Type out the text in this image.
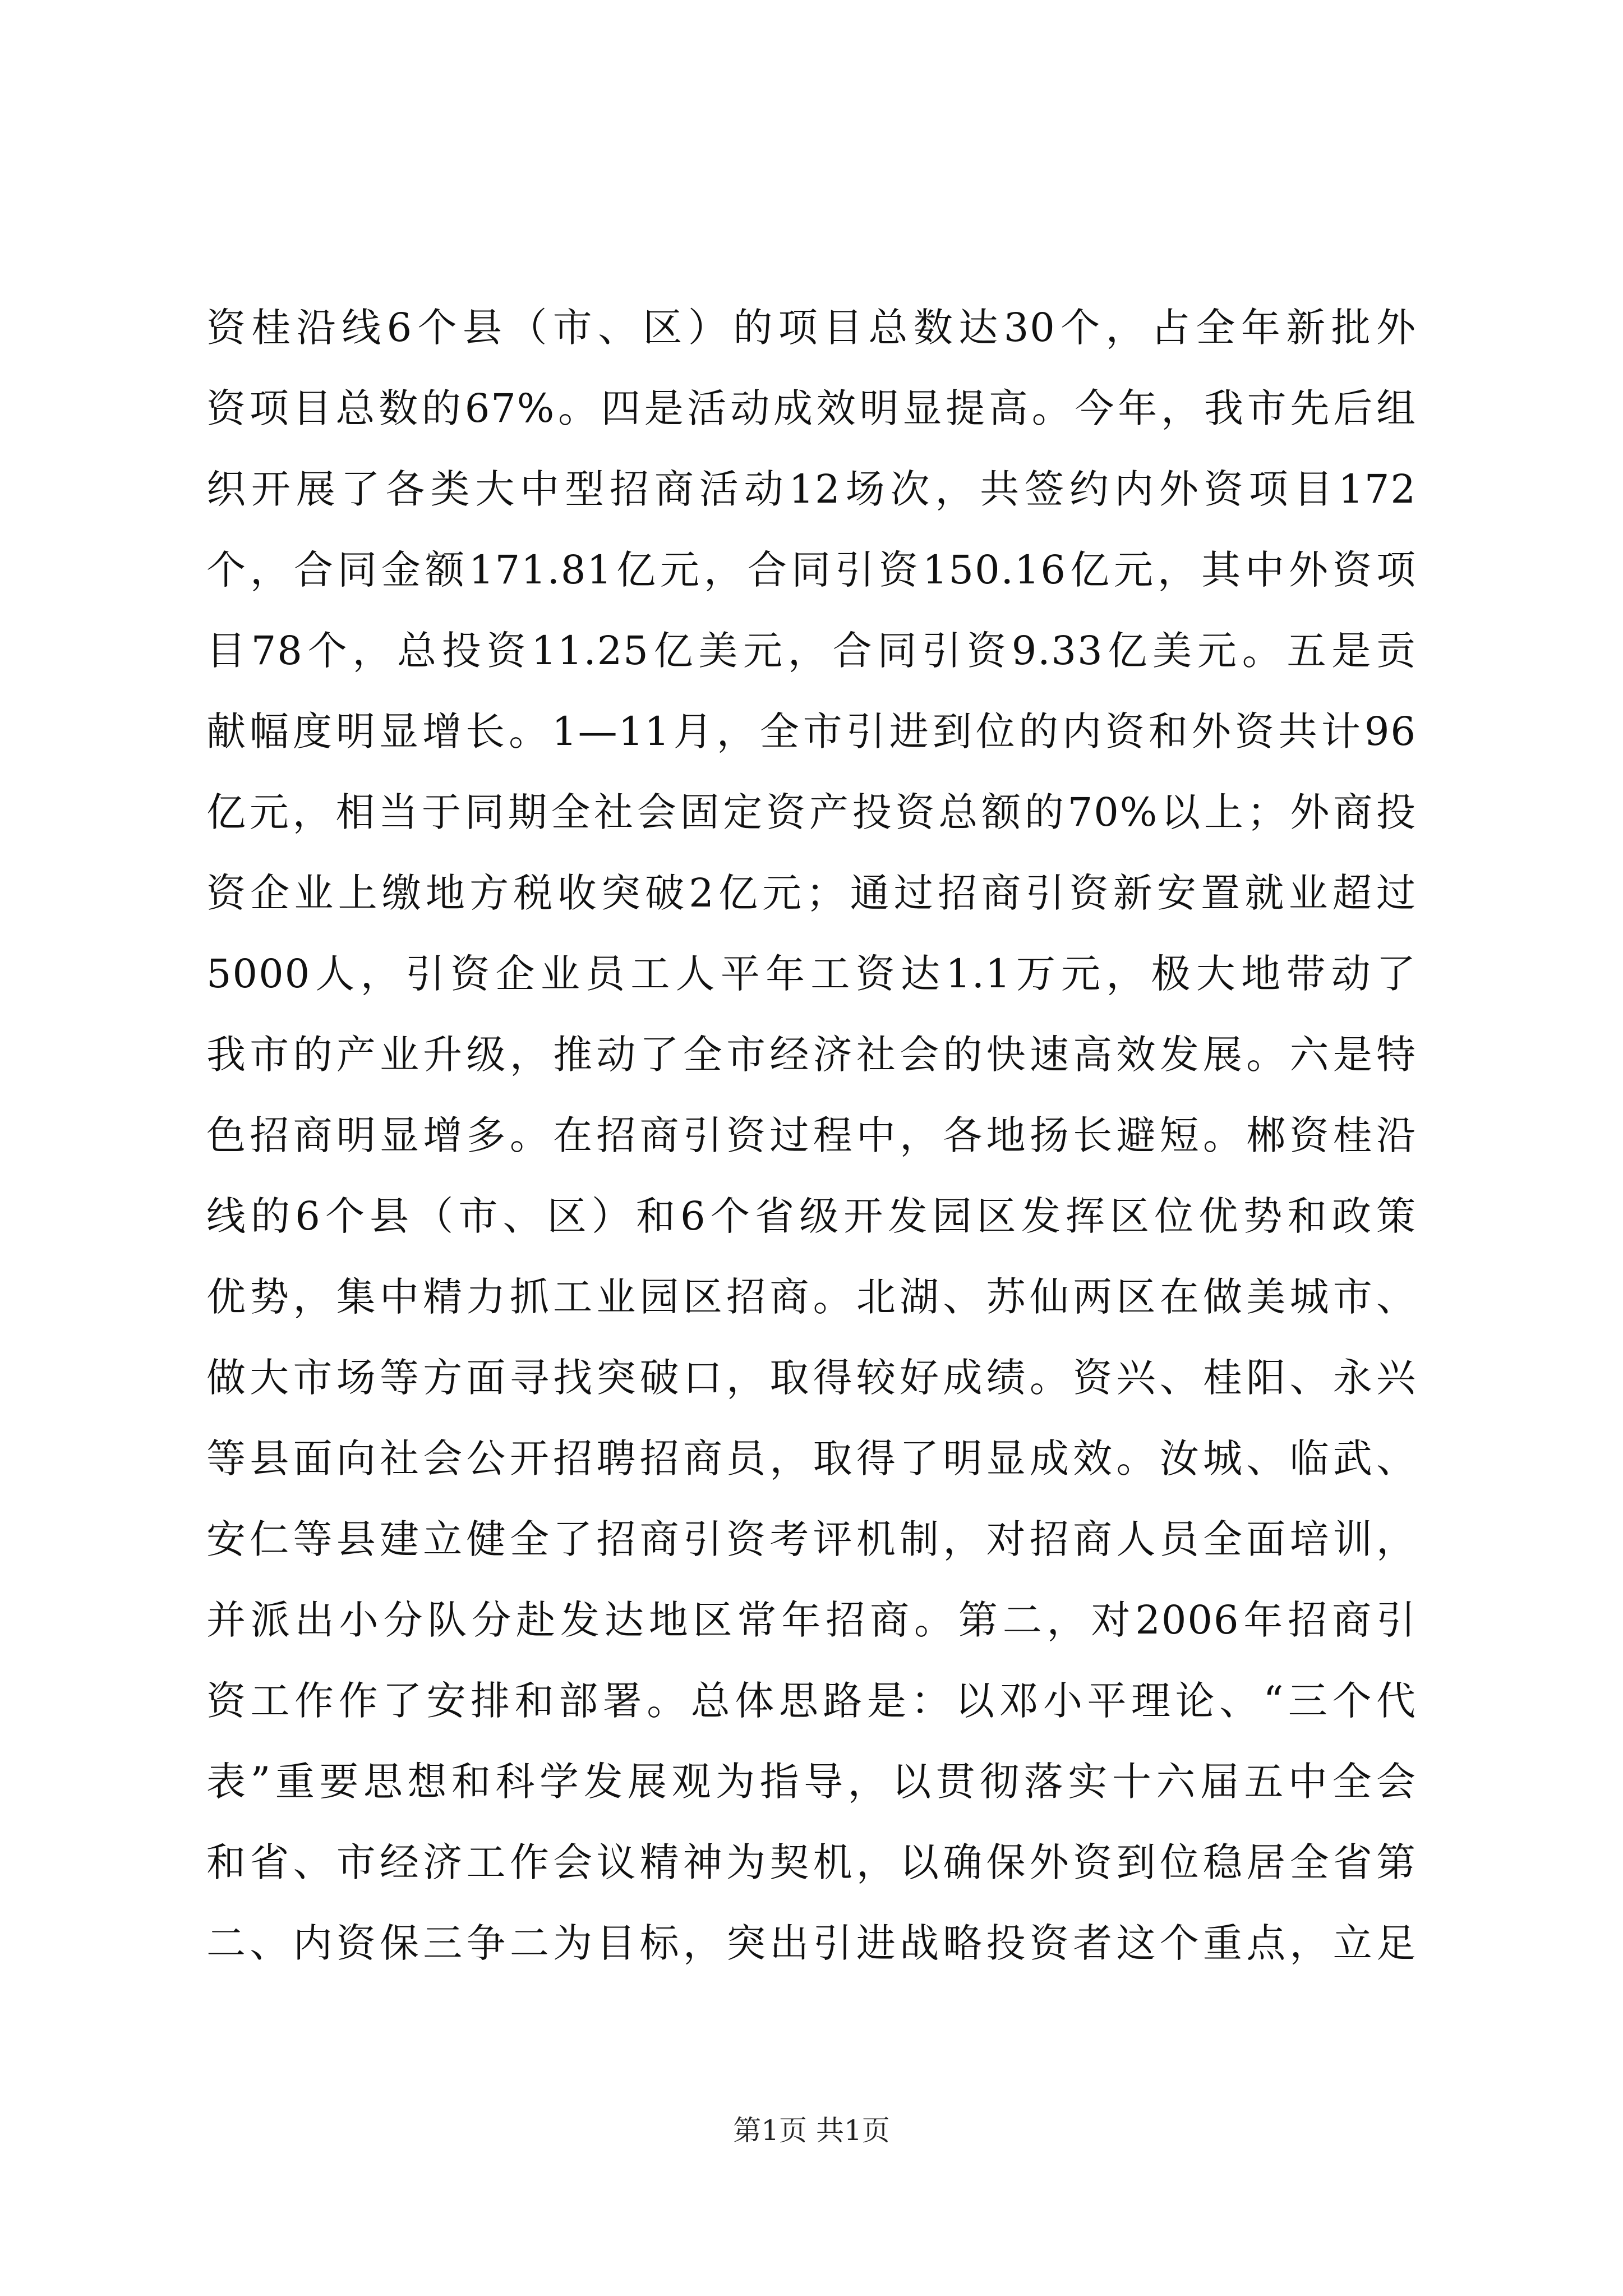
资桂沿线6个县（市、区）的项目总数达30个，占全年新批外
资项目总数的67%。四是活动成效明显提高。今年，我市先后组
织开展了各类大中型招商活动12场次，共签约内外资项目172
个，合同金额171.81亿元，合同引资150.16亿元，其中外资项
目78个，总投资11.25亿美元，合同引资9.33亿美元。五是贡
献幅度明显增长。1—11月，全市引进到位的内资和外资共计96
亿元，相当于同期全社会固定资产投资总额的70%以上；外商投
资企业上缴地方税收突破2亿元；通过招商引资新安置就业超过
5000人，引资企业员工人平年工资达1.1万元，极大地带动了
我市的产业升级，推动了全市经济社会的快速高效发展。六是特
色招商明显增多。在招商引资过程中，各地扬长避短。郴资桂沿
线的6个县（市、区）和6个省级开发园区发挥区位优势和政策
优势，集中精力抓工业园区招商。北湖、苏仙两区在做美城市、
做大市场等方面寻找突破口，取得较好成绩。资兴、桂阳、永兴
等县面向社会公开招聘招商员，取得了明显成效。汝城、临武、
安仁等县建立健全了招商引资考评机制，对招商人员全面培训，
并派出小分队分赴发达地区常年招商。第二，对2006年招商引
资工作作了安排和部署。总体思路是：以邓小平理论、“三个代
表”重要思想和科学发展观为指导，以贯彻落实十六届五中全会
和省、市经济工作会议精神为契机，以确保外资到位稳居全省第
二、内资保三争二为目标，突出引进战略投资者这个重点，立足
第1页 共1页
